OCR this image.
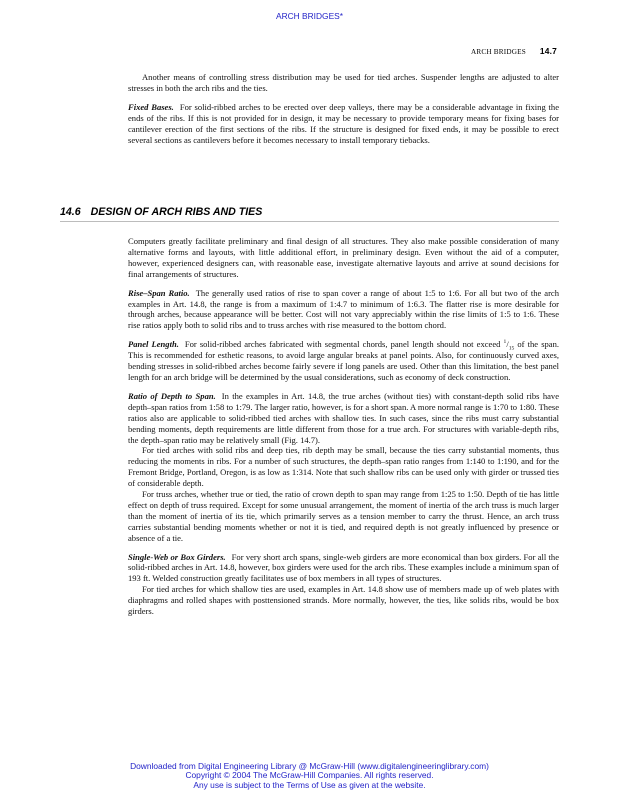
ARCH BRIDGES*
ARCH BRIDGES 14.7

Another means of controlling stress distribution may be used for tied arches. Suspender lengths are adjusted to alter stresses in both the arch ribs and the ties.

Fixed Bases. For solid-ribbed arches to be erected over deep valleys, there may be a considerable advantage in fixing the ends of the ribs. If this is not provided for in design, it may be necessary to provide temporary means for fixing bases for cantilever erection of the first sections of the ribs. If the structure is designed for fixed ends, it may be possible to erect several sections as cantilevers before it becomes necessary to install temporary tiebacks.

14.6 DESIGN OF ARCH RIBS AND TIES

Computers greatly facilitate preliminary and final design of all structures. They also make possible consideration of many alternative forms and layouts, with little additional effort, in preliminary design. Even without the aid of a computer, however, experienced designers can, with reasonable ease, investigate alternative layouts and arrive at sound decisions for final arrangements of structures.

Rise–Span Ratio. The generally used ratios of rise to span cover a range of about 1:5 to 1:6. For all but two of the arch examples in Art. 14.8, the range is from a maximum of 1:4.7 to minimum of 1:6.3. The flatter rise is more desirable for through arches, because appearance will be better. Cost will not vary appreciably within the rise limits of 1:5 to 1:6. These rise ratios apply both to solid ribs and to truss arches with rise measured to the bottom chord.

Panel Length. For solid-ribbed arches fabricated with segmental chords, panel length should not exceed $^1/_{15}$ of the span. This is recommended for esthetic reasons, to avoid large angular breaks at panel points. Also, for continuously curved axes, bending stresses in solid-ribbed arches become fairly severe if long panels are used. Other than this limitation, the best panel length for an arch bridge will be determined by the usual considerations, such as economy of deck construction.

Ratio of Depth to Span. In the examples in Art. 14.8, the true arches (without ties) with constant-depth solid ribs have depth–span ratios from 1:58 to 1:79. The larger ratio, however, is for a short span. A more normal range is 1:70 to 1:80. These ratios also are applicable to solid-ribbed tied arches with shallow ties. In such cases, since the ribs must carry substantial bending moments, depth requirements are little different from those for a true arch. For structures with variable-depth ribs, the depth–span ratio may be relatively small (Fig. 14.7).

For tied arches with solid ribs and deep ties, rib depth may be small, because the ties carry substantial moments, thus reducing the moments in ribs. For a number of such structures, the depth–span ratio ranges from 1:140 to 1:190, and for the Fremont Bridge, Portland, Oregon, is as low as 1:314. Note that such shallow ribs can be used only with girder or trussed ties of considerable depth.

For truss arches, whether true or tied, the ratio of crown depth to span may range from 1:25 to 1:50. Depth of tie has little effect on depth of truss required. Except for some unusual arrangement, the moment of inertia of the arch truss is much larger than the moment of inertia of its tie, which primarily serves as a tension member to carry the thrust. Hence, an arch truss carries substantial bending moments whether or not it is tied, and required depth is not greatly influenced by presence or absence of a tie.

Single-Web or Box Girders. For very short arch spans, single-web girders are more economical than box girders. For all the solid-ribbed arches in Art. 14.8, however, box girders were used for the arch ribs. These examples include a minimum span of 193 ft. Welded construction greatly facilitates use of box members in all types of structures.

For tied arches for which shallow ties are used, examples in Art. 14.8 show use of members made up of web plates with diaphragms and rolled shapes with posttensioned strands. More normally, however, the ties, like solids ribs, would be box girders.

Downloaded from Digital Engineering Library @ McGraw-Hill (www.digitalengineeringlibrary.com)
Copyright © 2004 The McGraw-Hill Companies. All rights reserved.
Any use is subject to the Terms of Use as given at the website.
